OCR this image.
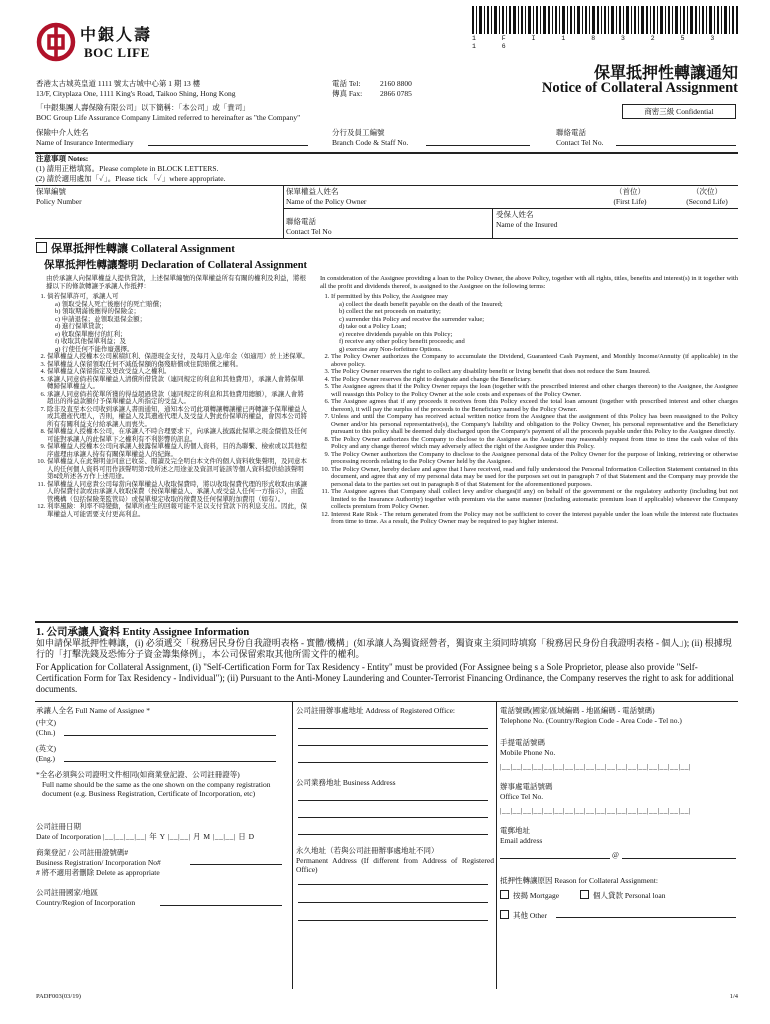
中銀人壽
BOC LIFE
1 F I 1 8 3 2 5 3 1 6
香港太古城英皇道 1111 號太古城中心第 1 期 13 樓
13/F, Cityplaza One, 1111 King's Road, Taikoo Shing, Hong Kong
電話 Tel:	2160 8800
傳真 Fax: 2866 0785
保單抵押性轉讓通知
Notice of Collateral Assignment
「中銀集團人壽保險有限公司」以下簡稱：「本公司」或「貴司」
BOC Group Life Assurance Company Limited referred to hereinafter as "the Company"
商密三級 Confidential
保險中介人姓名
Name of Insurance Intermediary
分行及員工編號
Branch Code & Staff No.
聯絡電話
Contact Tel No.
注意事項 Notes:
(1) 請用正楷填寫。Please complete in BLOCK LETTERS.
(2) 請於適用處加「✓」。Please tick 「✓」where appropriate.
保單編號
Policy Number
保單權益人姓名
Name of the Policy Owner
（首位）
(First Life)
（次位）
(Second Life)
聯絡電話
Contact Tel No
受保人姓名
Name of the Insured
保單抵押性轉讓 Collateral Assignment
保單抵押性轉讓聲明 Declaration of Collateral Assignment
由於承讓人向保單權益人提供貸款，上述保單編號的保單權益所有有關的權利及利益，將根據以下的條款轉讓予承讓人作抵押：
1. 倘若保單許可，承讓人可
a) 領取受保人死亡後應付的死亡賠償；
b) 領取期滿後應得的保險金；
c) 申請退保；並領取退保金額；
d) 進行保單貸款；
e) 收取保單應付的紅利；
f) 收取其他保單利益；及
g) 行使任何不能作廢選擇。
2. 保單權益人授權本公司累積紅利、保證現金支付，及每月入息/年金（如適用）於上述保單。
3. 保單權益人保留領取任何不減低保額的傷殘賠償或住院賠償之權利。
4. 保單權益人保留指定及更改受益人之權利。
5. 承讓人同意倘若保單權益人清償所借貸款（連同規定的利息和其他費用），承讓人會將保單轉歸保單權益人。
6. 承讓人同意倘若從單所獲的得益超過貸款（連同規定的利息和其他費用總額），承讓人會將超出的得益款額付予保單權益人所指定的受益人。
7. 除非及直至本公司收到承讓人書面通知，通知本公司此項轉讓轉讓權已再轉讓予保單權益人或其遺產代理人，否則，權益人及其遺產代理人及受益人對此份保單的權益，會因本公司將所有有關利益支付給承讓人而喪失。
8. 保單權益人授權本公司，在承讓人不時合理要求下，向承讓人披露此保單之現金價值及任何可能對承讓人的此保單下之權利有不利影響的訊息。
9. 保單權益人授權本公司向承讓人披露保單權益人的個人資料，目的為聯繫、檢索或以其他程序處理由承讓人持有有關保單權益人的紀錄。
10. 保單權益人在此聲明並同意已收妥、閱讀及完全明白本文件的個人資料收集聲明，及同意本人的任何個人資料可用作該聲明第7段所述之用途並及資訊可能該等個人資料提供給該聲明第8段所述各方作上述用途。
11. 保單權益人同意貴公司每當向保單權益人收取保費時，將以收取保費代理的形式收取由承讓人的保費付款或由承讓人收取保費（按保單權益人、承讓人或受益人任何一方指示），由監管機構（包括保險業監管局）或保單規定收取的徵費及任何保單附加費用（如有）。
12. 利率風險：利率不時變動，保單所產生的回報可能不足以支付貸款下的利息支出。因此，保單權益人可能需要支付更高利息。
In consideration of the Assignee providing a loan to the Policy Owner, the above Policy, together with all rights, titles, benefits and interest(s) in it together with all the profit and dividends thereof, is assigned to the Assignee on the following terms:
1. If permitted by this Policy, the Assignee may
a) collect the death benefit payable on the death of the Insured;
b) collect the net proceeds on maturity;
c) surrender this Policy and receive the surrender value;
d) take out a Policy Loan;
e) receive dividends payable on this Policy;
f) receive any other policy benefit proceeds; and
g) exercise any Non-forfeiture Options.
2. The Policy Owner authorizes the Company to accumulate the Dividend, Guaranteed Cash Payment, and Monthly Income/Annuity (if applicable) in the above policy.
3. The Policy Owner reserves the right to collect any disability benefit or living benefit that does not reduce the Sum Insured.
4. The Policy Owner reserves the right to designate and change the Beneficiary.
5. The Assignee agrees that if the Policy Owner repays the loan (together with the prescribed interest and other charges thereon) to the Assignee, the Assignee will reassign this Policy to the Policy Owner at the sole costs and expenses of the Policy Owner.
6. The Assignee agrees that if any proceeds it receives from this Policy exceed the total loan amount (together with prescribed interest and other charges thereon), it will pay the surplus of the proceeds to the Beneficiary named by the Policy Owner.
7. Unless and until the Company has received actual written notice from the Assignee that the assignment of this Policy has been reassigned to the Policy Owner and/or his personal representative(s), the Company's liability and obligation to the Policy Owner, his personal representative and the Beneficiary pursuant to this policy shall be deemed duly discharged upon the Company's payment of all the proceeds payable under this Policy to the Assignee directly.
8. The Policy Owner authorizes the Company to disclose to the Assignee as the Assignee may reasonably request from time to time the cash value of this Policy and any change thereof which may adversely affect the right of the Assignee under this Policy.
9. The Policy Owner authorizes the Company to disclose to the Assignee personal data of the Policy Owner for the purpose of linking, retrieving or otherwise processing records relating to the Policy Owner held by the Assignee.
10. The Policy Owner, hereby declare and agree that I have received, read and fully understood the Personal Information Collection Statement contained in this document, and agree that any of my personal data may be used for the purposes set out in paragraph 7 of that Statement and the Company may provide the personal data to the parties set out in paragraph 8 of that Statement for the aforementioned purposes.
11. The Assignee agrees that Company shall collect levy and/or charges(if any) on behalf of the government or the regulatory authority (including but not limited to the Insurance Authority) together with premium via the same manner (including automatic premium loan if applicable) whenever the Company collects premium from Policy Owner.
12. Interest Rate Risk - The return generated from the Policy may not be sufficient to cover the interest payable under the loan while the interest rate fluctuates from time to time. As a result, the Policy Owner may be required to pay higher interest.
1. 公司承讓人資料 Entity Assignee Information
如申請保單抵押性轉讓，(i) 必須遞交「稅務居民身份自我證明表格 - 實體/機構」(如承讓人為獨資經營者，獨資東主須同時填寫「稅務居民身份自我證明表格 - 個人」); (ii) 根據現行的「打擊洗錢及恐怖分子資金籌集條例」，本公司保留索取其他所需文件的權利。
For Application for Collateral Assignment, (i) "Self-Certification Form for Tax Residency - Entity" must be provided (For Assignee being s a Sole Proprietor, please also provide "Self-Certification Form for Tax Residency - Individual"); (ii) Pursuant to the Anti-Money Laundering and Counter-Terrorist Financing Ordinance, the Company reserves the right to ask for additional documents.
承讓人全名 Full Name of Assignee *
(中文)
(Chn.)
(英文)
(Eng.)
*全名必須與公司證明文件相同(如商業登記證、公司註冊證等)
Full name should be the same as the one shown on the company registration document (e.g. Business Registration, Certificate of Incorporation, etc)
公司註冊日期
Date of Incorporation |__|__|__|__| 年 Y |__|__| 月 M |__|__| 日 D
商業登記 / 公司註冊證號碼#
Business Registration/ Incorporation No#
# 將不適用者刪除 Delete as appropriate
公司註冊國家/地區
Country/Region of Incorporation
公司註冊辦事處地址 Address of Registered Office:
公司業務地址 Business Address
永久地址（若與公司註冊辦事處地址不同）
Permanent Address (If different from Address of Registered Office)
電話號碼(國家/區域編碼 - 地區編碼 - 電話號碼)
Telephone No. (Country/Region Code - Area Code - Tel no.)
手提電話號碼
Mobile Phone No.
|__|__|__|__|__|__|__|__|__|__|__|__|__|__|__|__|__|__|
辦事處電話號碼
Office Tel No.
|__|__|__|__|__|__|__|__|__|__|__|__|__|__|__|__|__|__|
電郵地址
Email address
@
抵押性轉讓原因 Reason for Collateral Assignment:
按揭 Mortgage	個人貸款 Personal loan
其他 Other
PADF003(03/19)	1/4
